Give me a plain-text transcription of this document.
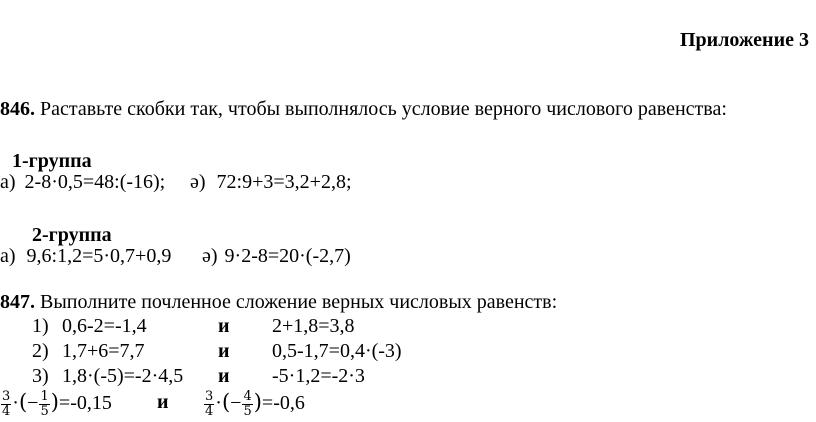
Приложение 3
846. Раставьте скобки так, чтобы выполнялось условие верного числового равенства:
1-группа
а) 2-8·0,5=48:(-16); ә) 72:9+3=3,2+2,8;
2-группа
а) 9,6:1,2=5·0,7+0,9 ә) 9·2-8=20·(-2,7)
847. Выполните почленное сложение верных числовых равенств:
1) 0,6-2=-1,4	и 2+1,8=3,8
2) 1,7+6=7,7	и 0,5-1,7=0,4·(-3)
3) 1,8·(-5)=-2·4,5 и -5·1,2=-2·3
$\frac{3}{4}$ ·(− $\frac{1}{5} )=-0,15$ и	$\frac{3}{4}$ ·(− $\frac{4}{5} )=-0,6$
